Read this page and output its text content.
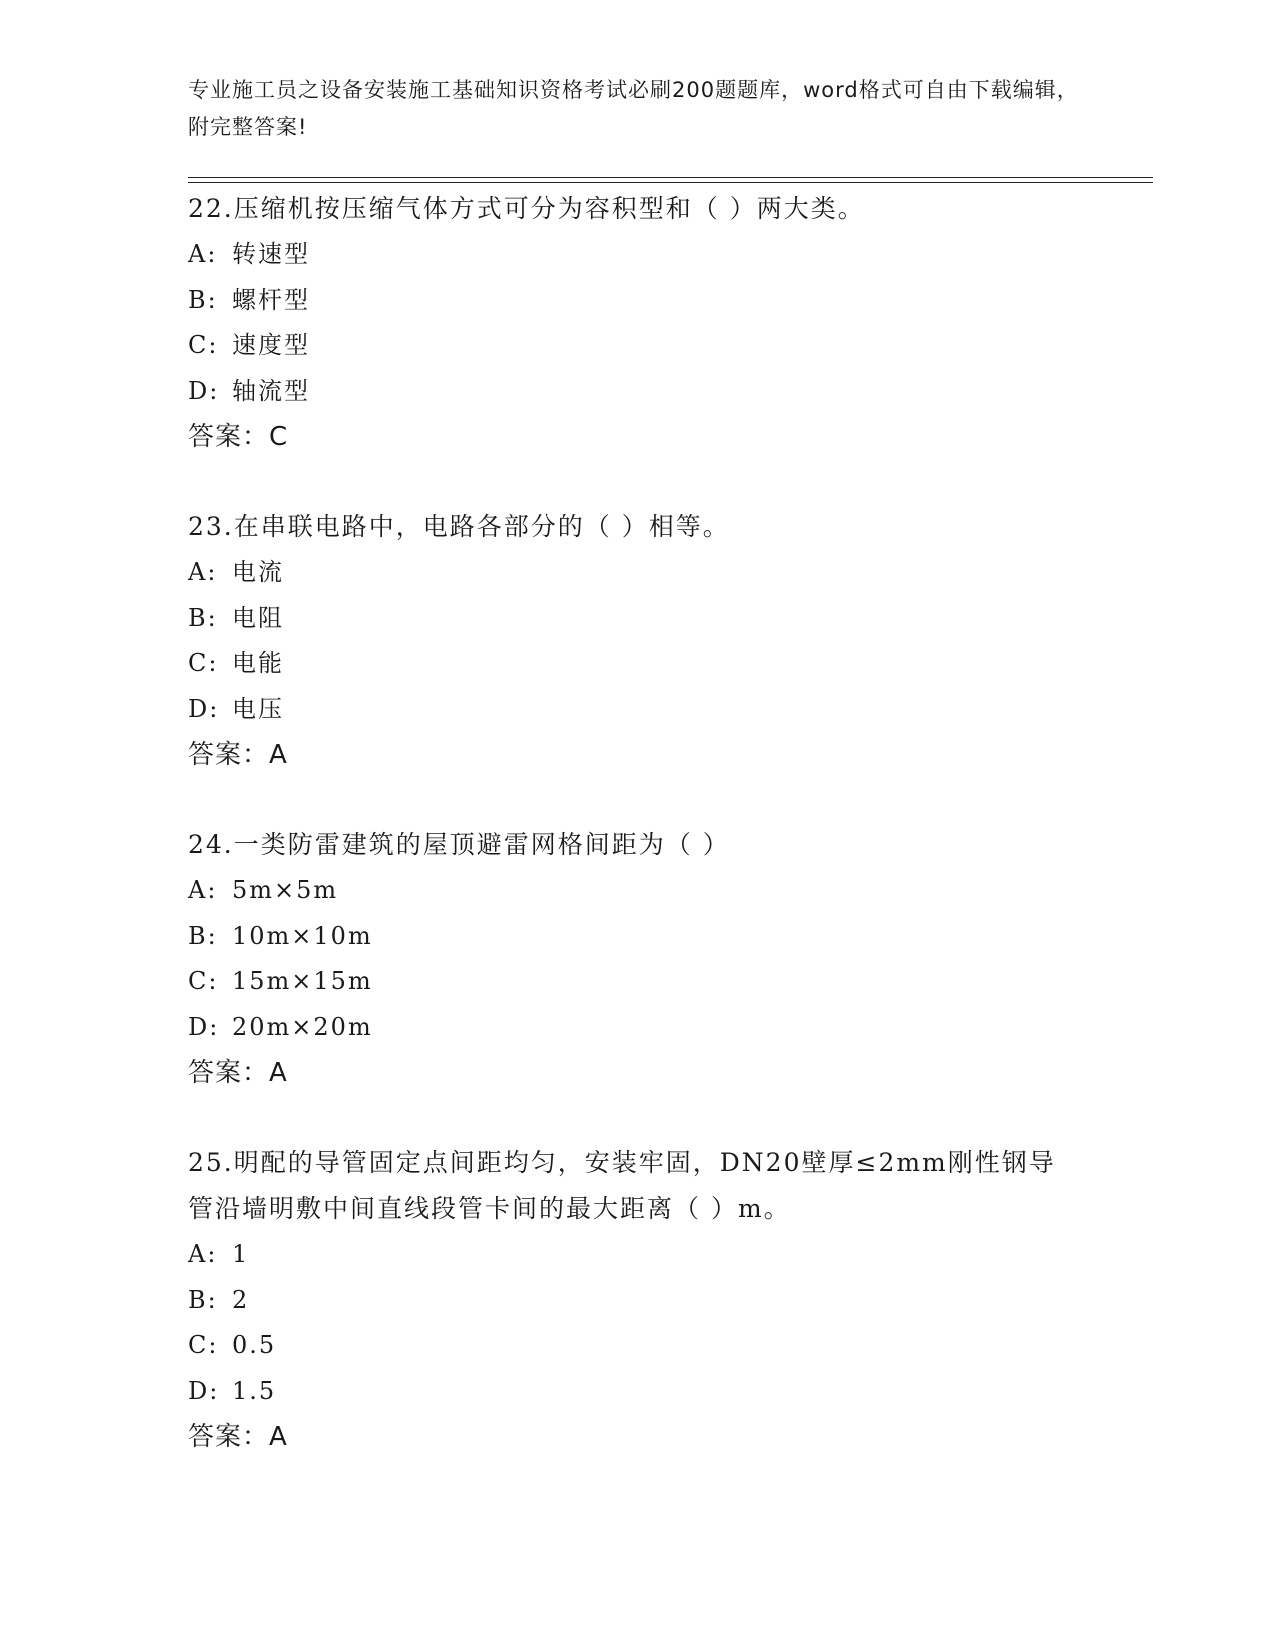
专业施工员之设备安装施工基础知识资格考试必刷200题题库，word格式可自由下载编辑，附完整答案!
22.压缩机按压缩气体方式可分为容积型和（ ）两大类。
A: 转速型
B: 螺杆型
C: 速度型
D: 轴流型
答案：C
23.在串联电路中，电路各部分的（ ）相等。
A: 电流
B: 电阻
C: 电能
D: 电压
答案：A
24.一类防雷建筑的屋顶避雷网格间距为（ ）
A: 5m×5m
B: 10m×10m
C: 15m×15m
D: 20m×20m
答案：A
25.明配的导管固定点间距均匀，安装牢固，DN20壁厚≤2mm刚性钢导管沿墙明敷中间直线段管卡间的最大距离（ ）m。
A: 1
B: 2
C: 0.5
D: 1.5
答案：A
